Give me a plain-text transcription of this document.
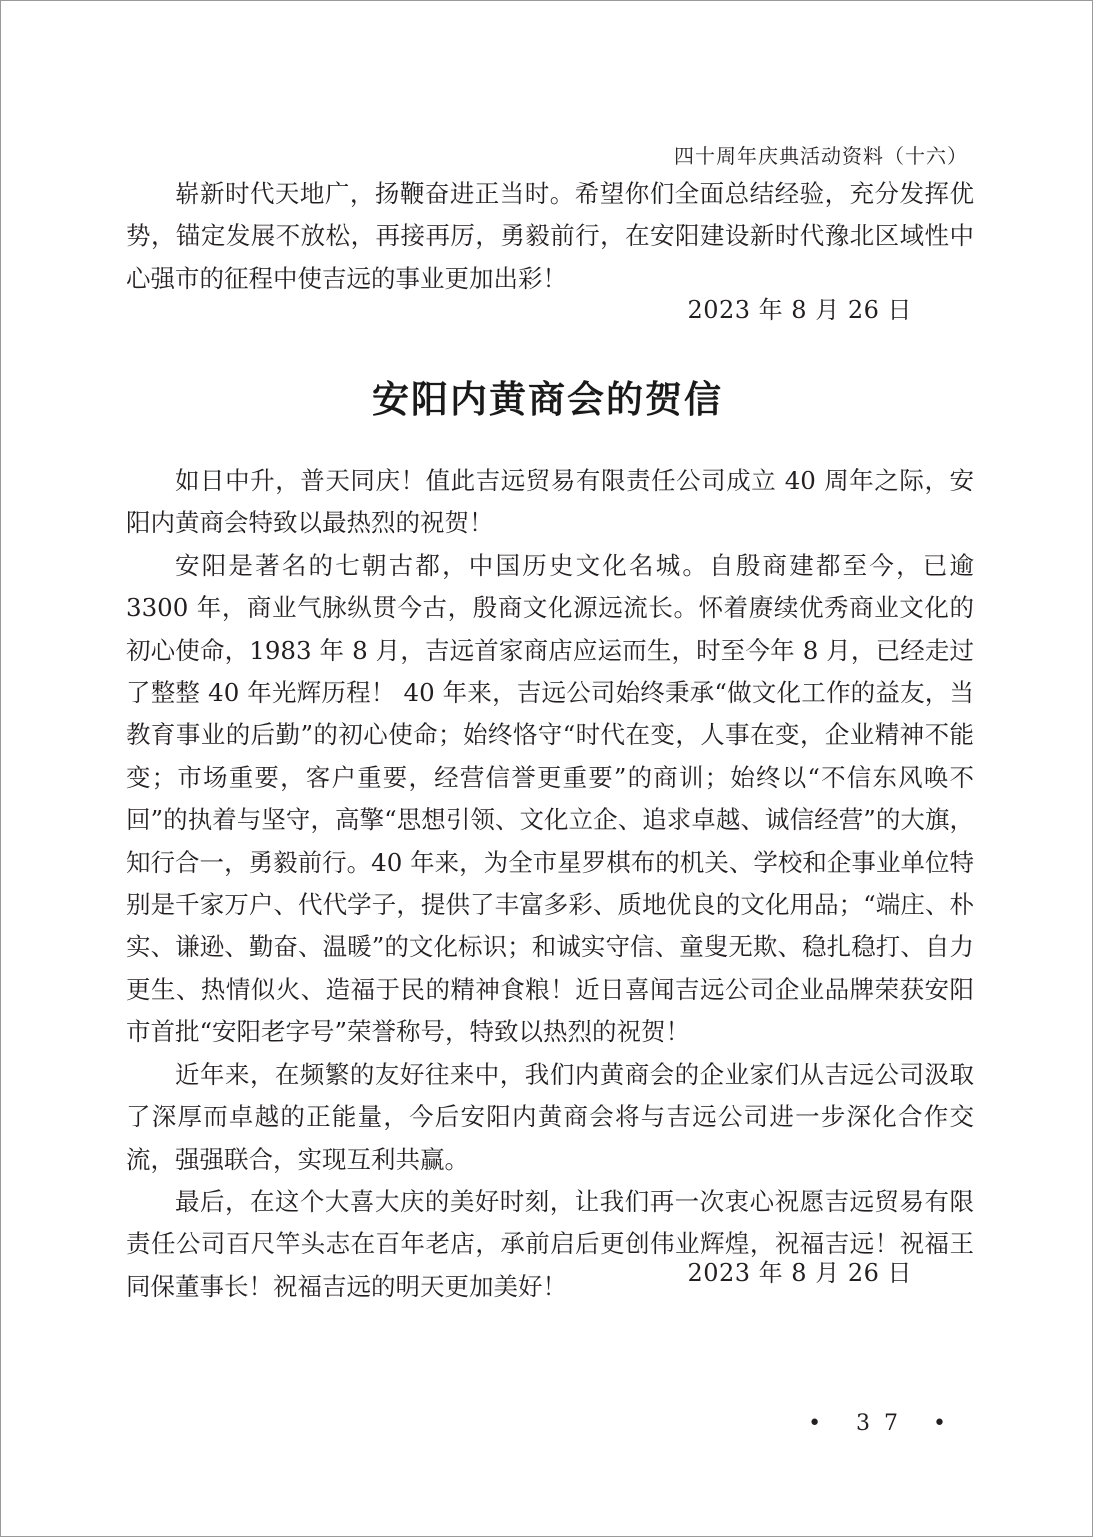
四十周年庆典活动资料（十六）

崭新时代天地广，扬鞭奋进正当时。希望你们全面总结经验，充分发挥优势，锚定发展不放松，再接再厉，勇毅前行，在安阳建设新时代豫北区域性中心强市的征程中使吉远的事业更加出彩！

2023 年 8 月 26 日
安阳内黄商会的贺信

如日中升，普天同庆！值此吉远贸易有限责任公司成立 40 周年之际，安阳内黄商会特致以最热烈的祝贺！

安阳是著名的七朝古都，中国历史文化名城。自殷商建都至今，已逾 3300 年，商业气脉纵贯今古，殷商文化源远流长。怀着赓续优秀商业文化的初心使命，1983 年 8 月，吉远首家商店应运而生，时至今年 8 月，已经走过了整整 40 年光辉历程！ 40 年来，吉远公司始终秉承“做文化工作的益友，当教育事业的后勤”的初心使命；始终恪守“时代在变，人事在变，企业精神不能变；市场重要，客户重要，经营信誉更重要”的商训；始终以“不信东风唤不回”的执着与坚守，高擎“思想引领、文化立企、追求卓越、诚信经营”的大旗，知行合一，勇毅前行。40 年来，为全市星罗棋布的机关、学校和企事业单位特别是千家万户、代代学子，提供了丰富多彩、质地优良的文化用品；“端庄、朴实、谦逊、勤奋、温暖”的文化标识；和诚实守信、童叟无欺、稳扎稳打、自力更生、热情似火、造福于民的精神食粮！近日喜闻吉远公司企业品牌荣获安阳市首批“安阳老字号”荣誉称号，特致以热烈的祝贺！

近年来，在频繁的友好往来中，我们内黄商会的企业家们从吉远公司汲取了深厚而卓越的正能量，今后安阳内黄商会将与吉远公司进一步深化合作交流，强强联合，实现互利共赢。

最后，在这个大喜大庆的美好时刻，让我们再一次衷心祝愿吉远贸易有限责任公司百尺竿头志在百年老店，承前启后更创伟业辉煌，祝福吉远！祝福王同保董事长！祝福吉远的明天更加美好！	2023 年 8 月 26 日
• 37 •
